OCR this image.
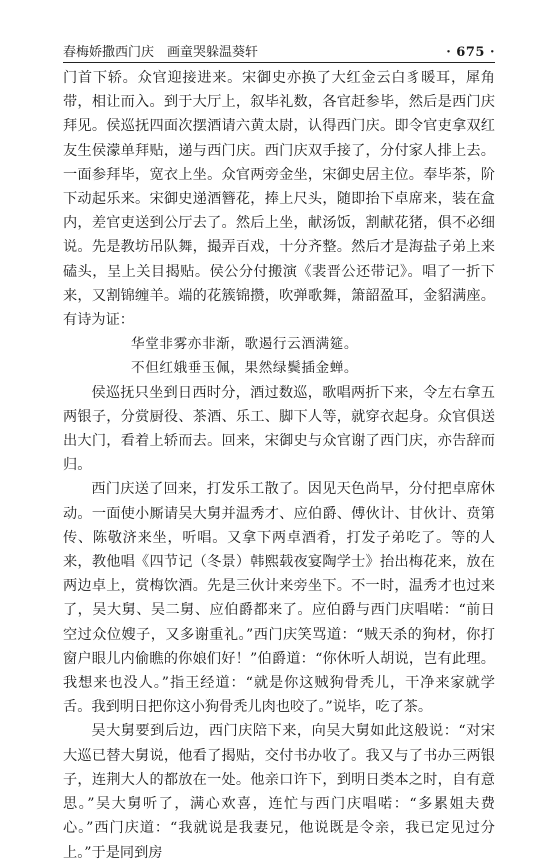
春梅娇撒西门庆　画童哭躲温葵轩	· 675 ·

门首下轿。众官迎接进来。宋御史亦换了大红金云白豸暖耳，犀角带，相让而入。到于大厅上，叙毕礼数，各官赶参毕，然后是西门庆拜见。侯巡抚四面次摆酒请六黄太尉，认得西门庆。即令官吏拿双红友生侯濛单拜贴，递与西门庆。西门庆双手接了，分付家人排上去。一面参拜毕，宽衣上坐。众官两旁金坐，宋御史居主位。奉毕茶，阶下动起乐来。宋御史递酒簪花，捧上尺头，随即抬下卓席来，装在盒内，差官吏送到公厅去了。然后上坐，献汤饭，割献花猪，俱不必细说。先是教坊吊队舞，撮弄百戏，十分齐整。然后才是海盐子弟上来磕头，呈上关目揭贴。侯公分付搬演《裴晋公还带记》。唱了一折下来，又割锦缠羊。端的花簇锦攒，吹弹歌舞，箫韶盈耳，金貂满座。有诗为证：

华堂非雾亦非渐，歌遏行云酒满筵。

不但红娥垂玉佩，果然绿鬓插金蝉。

侯巡抚只坐到日西时分，酒过数巡，歌唱两折下来，令左右拿五两银子，分赏厨役、茶酒、乐工、脚下人等，就穿衣起身。众官俱送出大门，看着上轿而去。回来，宋御史与众官谢了西门庆，亦告辞而归。

西门庆送了回来，打发乐工散了。因见天色尚早，分付把卓席休动。一面使小厮请吴大舅并温秀才、应伯爵、傅伙计、甘伙计、贲第传、陈敬济来坐，听唱。又拿下两卓酒肴，打发子弟吃了。等的人来，教他唱《四节记（冬景）韩熙载夜宴陶学士》抬出梅花来，放在两边卓上，赏梅饮酒。先是三伙计来旁坐下。不一时，温秀才也过来了，吴大舅、吴二舅、应伯爵都来了。应伯爵与西门庆唱喏：“前日空过众位嫂子，又多谢重礼。”西门庆笑骂道：“贼天杀的狗材，你打窗户眼儿内偷瞧的你娘们好！”伯爵道：“你休听人胡说，岂有此理。我想来也没人。”指王经道：“就是你这贼狗骨秃儿，干净来家就学舌。我到明日把你这小狗骨秃儿肉也咬了。”说毕，吃了茶。

吴大舅要到后边，西门庆陪下来，向吴大舅如此这般说：“对宋大巡已替大舅说，他看了揭贴，交付书办收了。我又与了书办三两银子，连荆大人的都放在一处。他亲口许下，到明日类本之时，自有意思。”吴大舅听了，满心欢喜，连忙与西门庆唱喏：“多累姐夫费心。”西门庆道：“我就说是我妻兄，他说既是令亲，我已定见过分上。”于是同到房
